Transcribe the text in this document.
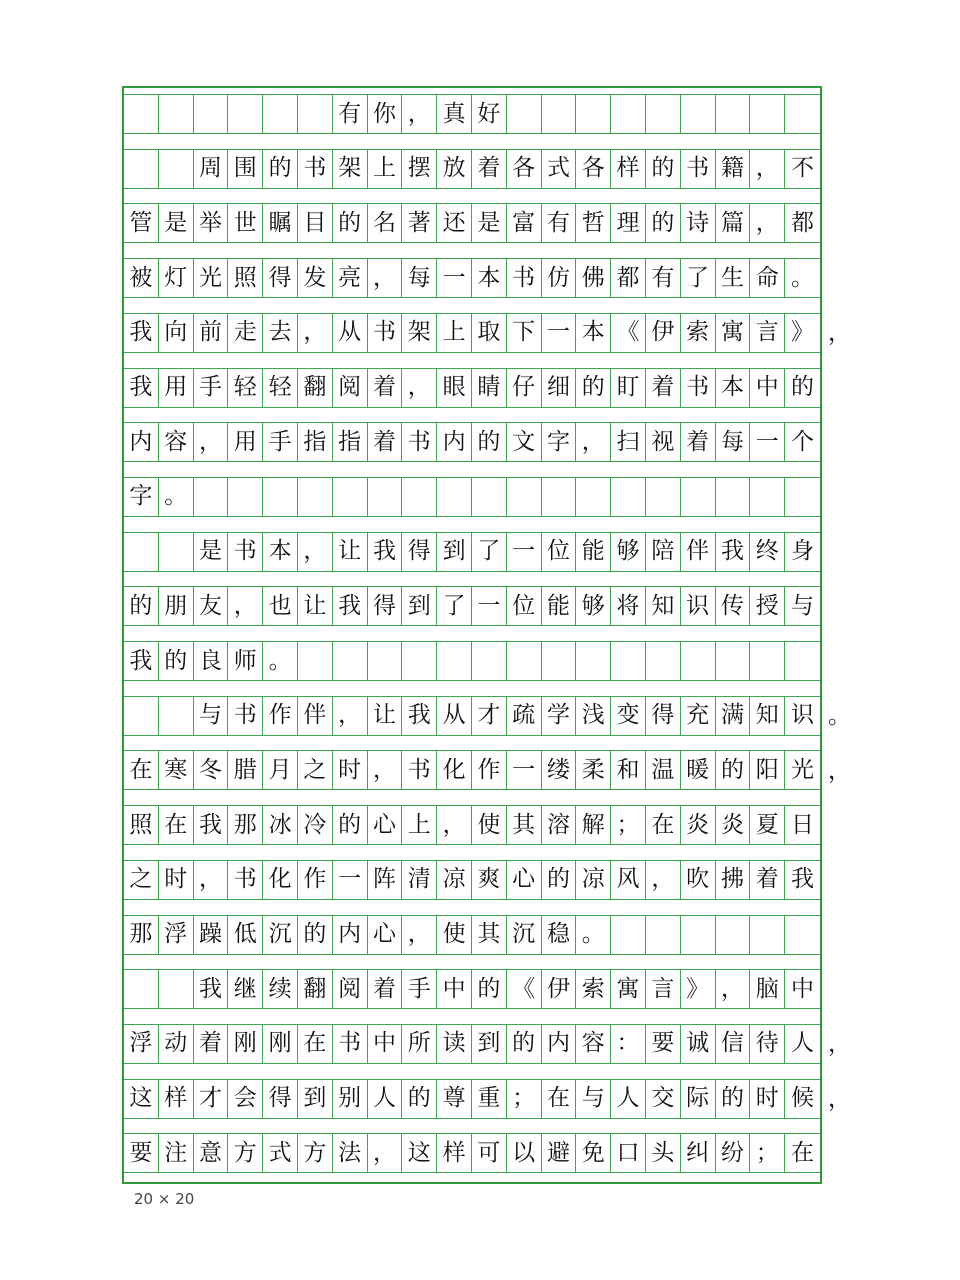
有 你 ， 真 好
周 围 的 书 架 上 摆 放 着 各 式 各 样 的 书 籍 ， 不
管 是 举 世 瞩 目 的 名 著 还 是 富 有 哲 理 的 诗 篇 ， 都
被 灯 光 照 得 发 亮 ， 每 一 本 书 仿 佛 都 有 了 生 命 。
我 向 前 走 去 ， 从 书 架 上 取 下 一 本 《 伊 索 寓 言 》 ，
我 用 手 轻 轻 翻 阅 着 ， 眼 睛 仔 细 的 盯 着 书 本 中 的
内 容 ， 用 手 指 指 着 书 内 的 文 字 ， 扫 视 着 每 一 个
字 。
是 书 本 ， 让 我 得 到 了 一 位 能 够 陪 伴 我 终 身
的 朋 友 ， 也 让 我 得 到 了 一 位 能 够 将 知 识 传 授 与
我 的 良 师 。
与 书 作 伴 ， 让 我 从 才 疏 学 浅 变 得 充 满 知 识 。
在 寒 冬 腊 月 之 时 ， 书 化 作 一 缕 柔 和 温 暖 的 阳 光 ，
照 在 我 那 冰 冷 的 心 上 ， 使 其 溶 解 ； 在 炎 炎 夏 日
之 时 ， 书 化 作 一 阵 清 凉 爽 心 的 凉 风 ， 吹 拂 着 我
那 浮 躁 低 沉 的 内 心 ， 使 其 沉 稳 。
我 继 续 翻 阅 着 手 中 的 《 伊 索 寓 言 》 ， 脑 中
浮 动 着 刚 刚 在 书 中 所 读 到 的 内 容 ： 要 诚 信 待 人 ，
这 样 才 会 得 到 别 人 的 尊 重 ； 在 与 人 交 际 的 时 候 ，
要 注 意 方 式 方 法 ， 这 样 可 以 避 免 口 头 纠 纷 ； 在
20 × 20
